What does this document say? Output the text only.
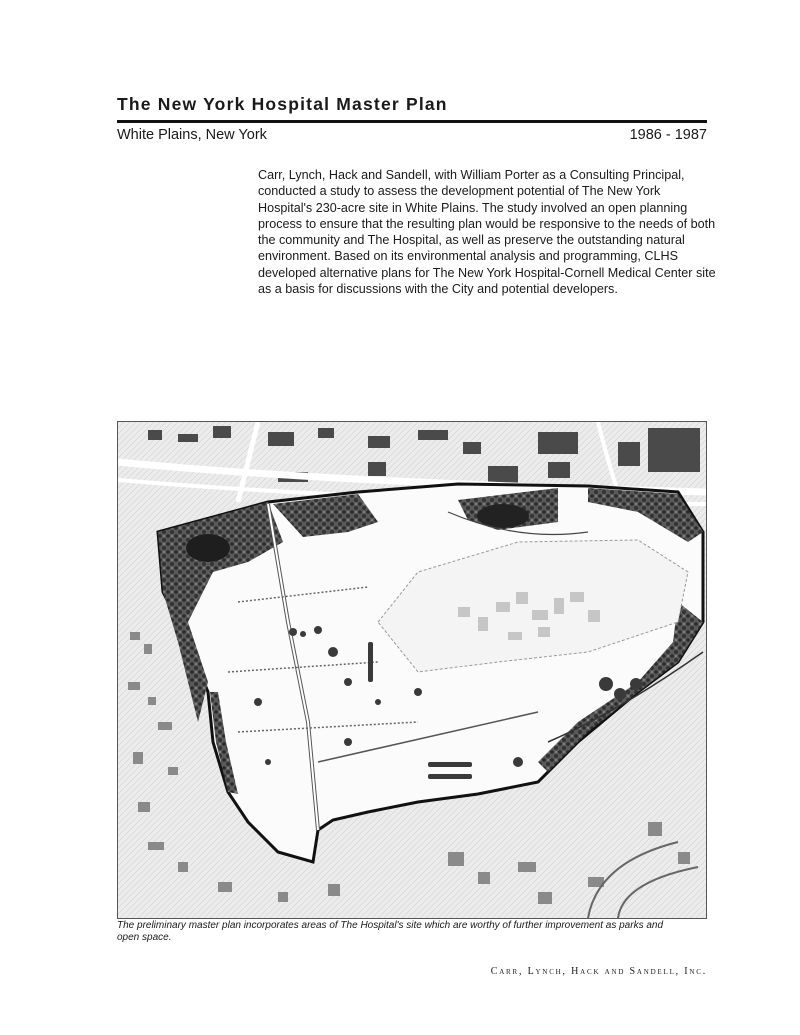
The New York Hospital Master Plan
White Plains, New York	1986 - 1987

Carr, Lynch, Hack and Sandell, with William Porter as a Consulting Principal, conducted a study to assess the development potential of The New York Hospital's 230-acre site in White Plains. The study involved an open planning process to ensure that the resulting plan would be responsive to the needs of both the community and The Hospital, as well as preserve the outstanding natural environment. Based on its environmental analysis and programming, CLHS developed alternative plans for The New York Hospital-Cornell Medical Center site as a basis for discussions with the City and potential developers.

The preliminary master plan incorporates areas of The Hospital's site which are worthy of further improvement as parks and open space.

Carr, Lynch, Hack and Sandell, Inc.
